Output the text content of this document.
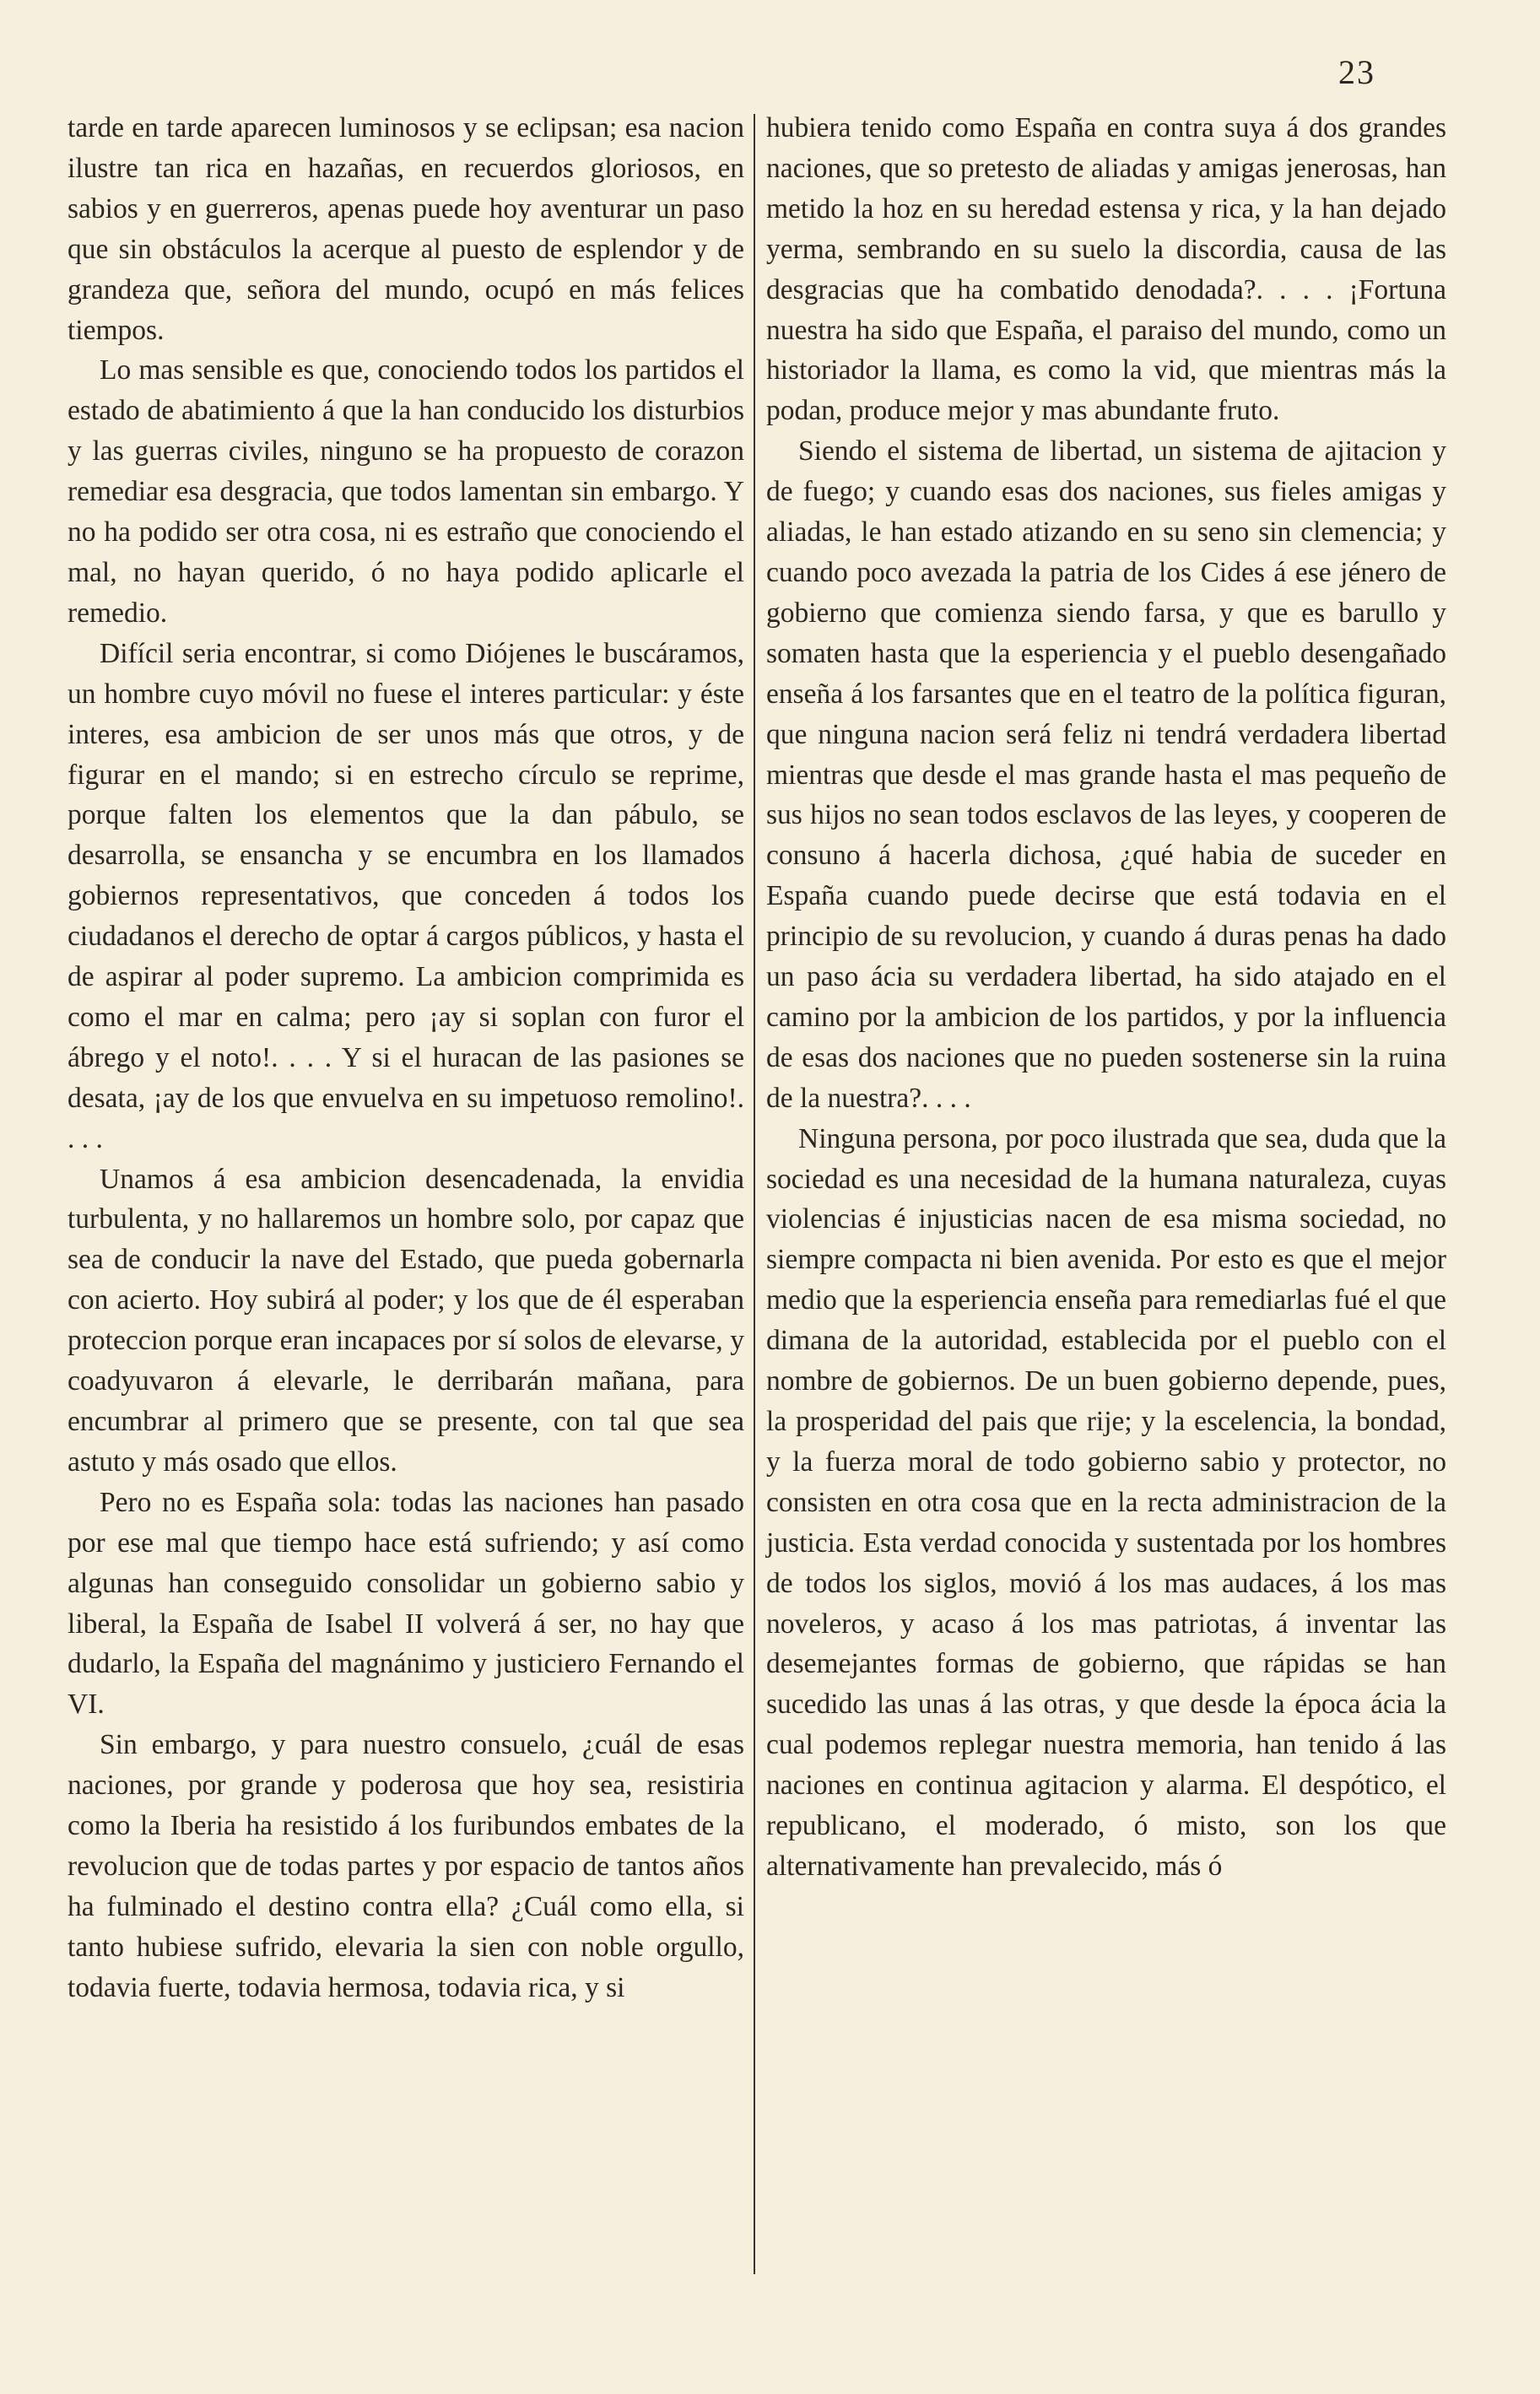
23

tarde en tarde aparecen luminosos y se eclipsan; esa nacion ilustre tan rica en hazañas, en recuerdos gloriosos, en sabios y en guerreros, apenas puede hoy aventurar un paso que sin obstáculos la acerque al puesto de esplendor y de grandeza que, señora del mundo, ocupó en más felices tiempos.

Lo mas sensible es que, conociendo todos los partidos el estado de abatimiento á que la han conducido los disturbios y las guerras civiles, ninguno se ha propuesto de corazon remediar esa desgracia, que todos lamentan sin embargo. Y no ha podido ser otra cosa, ni es estraño que conociendo el mal, no hayan querido, ó no haya podido aplicarle el remedio.

Difícil seria encontrar, si como Diójenes le buscáramos, un hombre cuyo móvil no fuese el interes particular: y éste interes, esa ambicion de ser unos más que otros, y de figurar en el mando; si en estrecho círculo se reprime, porque falten los elementos que la dan pábulo, se desarrolla, se ensancha y se encumbra en los llamados gobiernos representativos, que conceden á todos los ciudadanos el derecho de optar á cargos públicos, y hasta el de aspirar al poder supremo. La ambicion comprimida es como el mar en calma; pero ¡ay si soplan con furor el ábrego y el noto!. . . . Y si el huracan de las pasiones se desata, ¡ay de los que envuelva en su impetuoso remolino!. . . .

Unamos á esa ambicion desencadenada, la envidia turbulenta, y no hallaremos un hombre solo, por capaz que sea de conducir la nave del Estado, que pueda gobernarla con acierto. Hoy subirá al poder; y los que de él esperaban proteccion porque eran incapaces por sí solos de elevarse, y coadyuvaron á elevarle, le derribarán mañana, para encumbrar al primero que se presente, con tal que sea astuto y más osado que ellos.

Pero no es España sola: todas las naciones han pasado por ese mal que tiempo hace está sufriendo; y así como algunas han conseguido consolidar un gobierno sabio y liberal, la España de Isabel II volverá á ser, no hay que dudarlo, la España del magnánimo y justiciero Fernando el VI.

Sin embargo, y para nuestro consuelo, ¿cuál de esas naciones, por grande y poderosa que hoy sea, resistiria como la Iberia ha resistido á los furibundos embates de la revolucion que de todas partes y por espacio de tantos años ha fulminado el destino contra ella? ¿Cuál como ella, si tanto hubiese sufrido, elevaria la sien con noble orgullo, todavia fuerte, todavia hermosa, todavia rica, y si

hubiera tenido como España en contra suya á dos grandes naciones, que so pretesto de aliadas y amigas jenerosas, han metido la hoz en su heredad estensa y rica, y la han dejado yerma, sembrando en su suelo la discordia, causa de las desgracias que ha combatido denodada?. . . . ¡Fortuna nuestra ha sido que España, el paraiso del mundo, como un historiador la llama, es como la vid, que mientras más la podan, produce mejor y mas abundante fruto.

Siendo el sistema de libertad, un sistema de ajitacion y de fuego; y cuando esas dos naciones, sus fieles amigas y aliadas, le han estado atizando en su seno sin clemencia; y cuando poco avezada la patria de los Cides á ese jénero de gobierno que comienza siendo farsa, y que es barullo y somaten hasta que la esperiencia y el pueblo desengañado enseña á los farsantes que en el teatro de la política figuran, que ninguna nacion será feliz ni tendrá verdadera libertad mientras que desde el mas grande hasta el mas pequeño de sus hijos no sean todos esclavos de las leyes, y cooperen de consuno á hacerla dichosa, ¿qué habia de suceder en España cuando puede decirse que está todavia en el principio de su revolucion, y cuando á duras penas ha dado un paso ácia su verdadera libertad, ha sido atajado en el camino por la ambicion de los partidos, y por la influencia de esas dos naciones que no pueden sostenerse sin la ruina de la nuestra?. . . .

Ninguna persona, por poco ilustrada que sea, duda que la sociedad es una necesidad de la humana naturaleza, cuyas violencias é injusticias nacen de esa misma sociedad, no siempre compacta ni bien avenida. Por esto es que el mejor medio que la esperiencia enseña para remediarlas fué el que dimana de la autoridad, establecida por el pueblo con el nombre de gobiernos. De un buen gobierno depende, pues, la prosperidad del pais que rije; y la escelencia, la bondad, y la fuerza moral de todo gobierno sabio y protector, no consisten en otra cosa que en la recta administracion de la justicia. Esta verdad conocida y sustentada por los hombres de todos los siglos, movió á los mas audaces, á los mas noveleros, y acaso á los mas patriotas, á inventar las desemejantes formas de gobierno, que rápidas se han sucedido las unas á las otras, y que desde la época ácia la cual podemos replegar nuestra memoria, han tenido á las naciones en continua agitacion y alarma. El despótico, el republicano, el moderado, ó misto, son los que alternativamente han prevalecido, más ó
